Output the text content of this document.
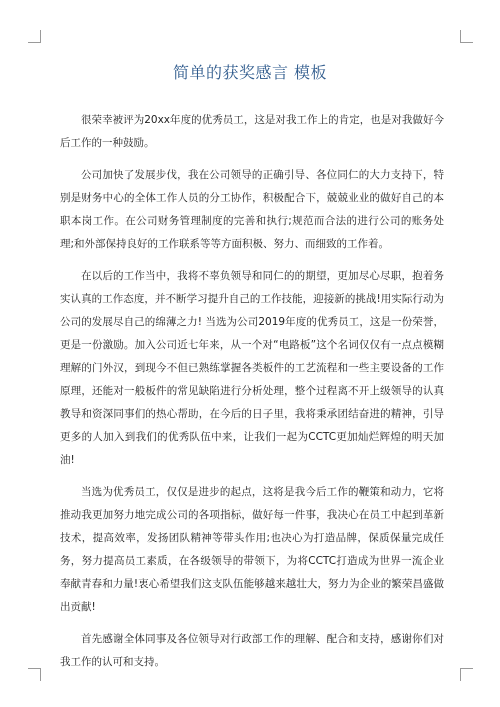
简单的获奖感言 模板

很荣幸被评为20xx年度的优秀员工，这是对我工作上的肯定，也是对我做好今后工作的一种鼓励。

公司加快了发展步伐，我在公司领导的正确引导、各位同仁的大力支持下，特别是财务中心的全体工作人员的分工协作，积极配合下，兢兢业业的做好自己的本职本岗工作。在公司财务管理制度的完善和执行;规范而合法的进行公司的账务处理;和外部保持良好的工作联系等等方面积极、努力、而细致的工作着。

在以后的工作当中，我将不辜负领导和同仁的的期望，更加尽心尽职，抱着务实认真的工作态度，并不断学习提升自己的工作技能，迎接新的挑战!用实际行动为公司的发展尽自己的绵薄之力! 当选为公司2019年度的优秀员工，这是一份荣誉，更是一份激励。加入公司近七年来，从一个对“电路板”这个名词仅仅有一点点模糊理解的门外汉，到现今不但已熟练掌握各类板件的工艺流程和一些主要设备的工作原理，还能对一般板件的常见缺陷进行分析处理，整个过程离不开上级领导的认真教导和资深同事们的热心帮助，在今后的日子里，我将秉承团结奋进的精神，引导更多的人加入到我们的优秀队伍中来，让我们一起为CCTC更加灿烂辉煌的明天加油!

当选为优秀员工，仅仅是进步的起点，这将是我今后工作的鞭策和动力，它将推动我更加努力地完成公司的各项指标，做好每一件事，我决心在员工中起到革新技术，提高效率，发扬团队精神等带头作用;也决心为打造品牌，保质保量完成任务，努力提高员工素质，在各级领导的带领下，为将CCTC打造成为世界一流企业奉献青春和力量!衷心希望我们这支队伍能够越来越壮大，努力为企业的繁荣昌盛做出贡献!

首先感谢全体同事及各位领导对行政部工作的理解、配合和支持，感谢你们对我工作的认可和支持。
